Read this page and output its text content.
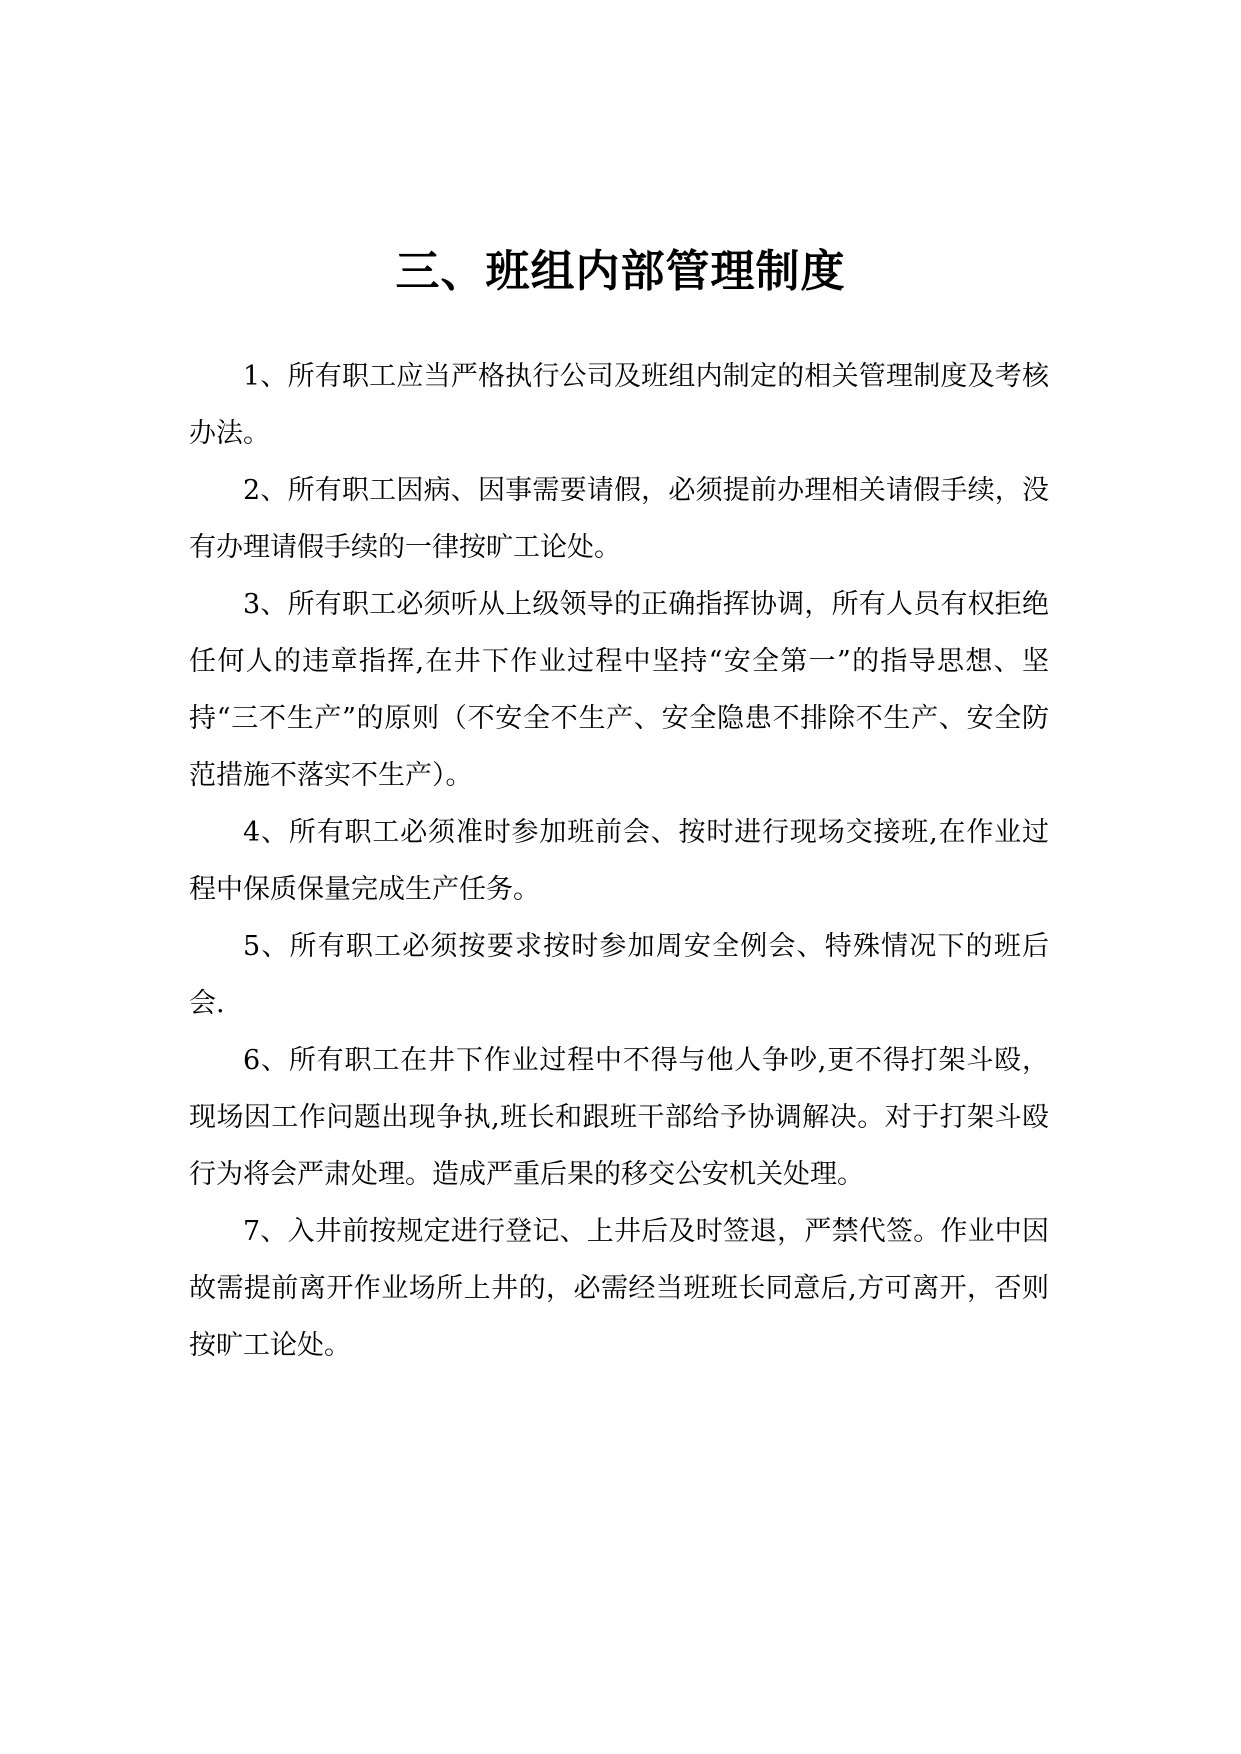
三、班组内部管理制度

1、所有职工应当严格执行公司及班组内制定的相关管理制度及考核办法。

2、所有职工因病、因事需要请假，必须提前办理相关请假手续，没有办理请假手续的一律按旷工论处。

3、所有职工必须听从上级领导的正确指挥协调，所有人员有权拒绝任何人的违章指挥,在井下作业过程中坚持“安全第一”的指导思想、坚持“三不生产”的原则（不安全不生产、安全隐患不排除不生产、安全防范措施不落实不生产）。

4、所有职工必须准时参加班前会、按时进行现场交接班,在作业过程中保质保量完成生产任务。

5、所有职工必须按要求按时参加周安全例会、特殊情况下的班后会.

6、所有职工在井下作业过程中不得与他人争吵,更不得打架斗殴，现场因工作问题出现争执,班长和跟班干部给予协调解决。对于打架斗殴行为将会严肃处理。造成严重后果的移交公安机关处理。

7、入井前按规定进行登记、上井后及时签退，严禁代签。作业中因故需提前离开作业场所上井的，必需经当班班长同意后,方可离开，否则按旷工论处。
